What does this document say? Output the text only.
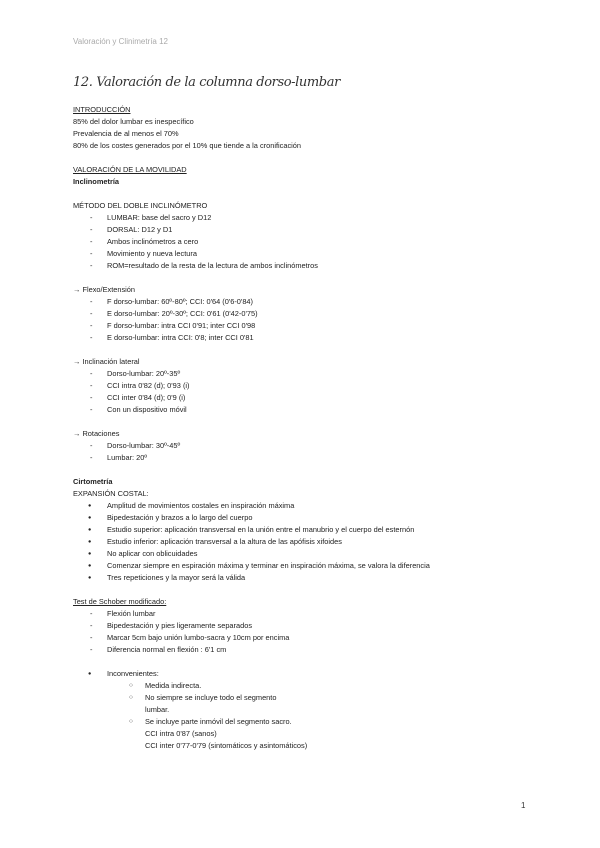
Valoración y Clinimetría 12
12. Valoración de la columna dorso-lumbar
INTRODUCCIÓN
85% del dolor lumbar es inespecífico
Prevalencia de al menos el 70%
80% de los costes generados por el 10% que tiende a la cronificación
VALORACIÓN DE LA MOVILIDAD
Inclinometría
MÉTODO DEL DOBLE INCLINÓMETRO
- LUMBAR: base del sacro y D12
- DORSAL: D12 y D1
- Ambos inclinómetros a cero
- Movimiento y nueva lectura
- ROM=resultado de la resta de la lectura de ambos inclinómetros
→ Flexo/Extensión
- F dorso-lumbar: 60º-80º; CCI: 0'64 (0'6-0'84)
- E dorso-lumbar: 20º-30º; CCI: 0'61 (0'42-0'75)
- F dorso-lumbar: intra CCI 0'91; inter CCI 0'98
- E dorso-lumbar: intra CCI: 0'8; inter CCI 0'81
→ Inclinación lateral
- Dorso-lumbar: 20º-35º
- CCI intra 0'82 (d); 0'93 (i)
- CCI inter 0'84 (d); 0'9 (i)
- Con un dispositivo móvil
→ Rotaciones
- Dorso-lumbar: 30º-45º
- Lumbar: 20º
Cirtometría
EXPANSIÓN COSTAL:
● Amplitud de movimientos costales en inspiración máxima
● Bipedestación y brazos a lo largo del cuerpo
● Estudio superior: aplicación transversal en la unión entre el manubrio y el cuerpo del esternón
● Estudio inferior: aplicación transversal a la altura de las apófisis xifoides
● No aplicar con oblicuidades
● Comenzar siempre en espiración máxima y terminar en inspiración máxima, se valora la diferencia
● Tres repeticiones y la mayor será la válida
Test de Schober modificado:
- Flexión lumbar
- Bipedestación y pies ligeramente separados
- Marcar 5cm bajo unión lumbo-sacra y 10cm por encima
- Diferencia normal en flexión : 6'1 cm
● Inconvenientes:
○ Medida indirecta.
○ No siempre se incluye todo el segmento
lumbar.
○ Se incluye parte inmóvil del segmento sacro.
CCI intra 0'87 (sanos)
CCI inter 0'77-0'79 (sintomáticos y asintomáticos)
1
